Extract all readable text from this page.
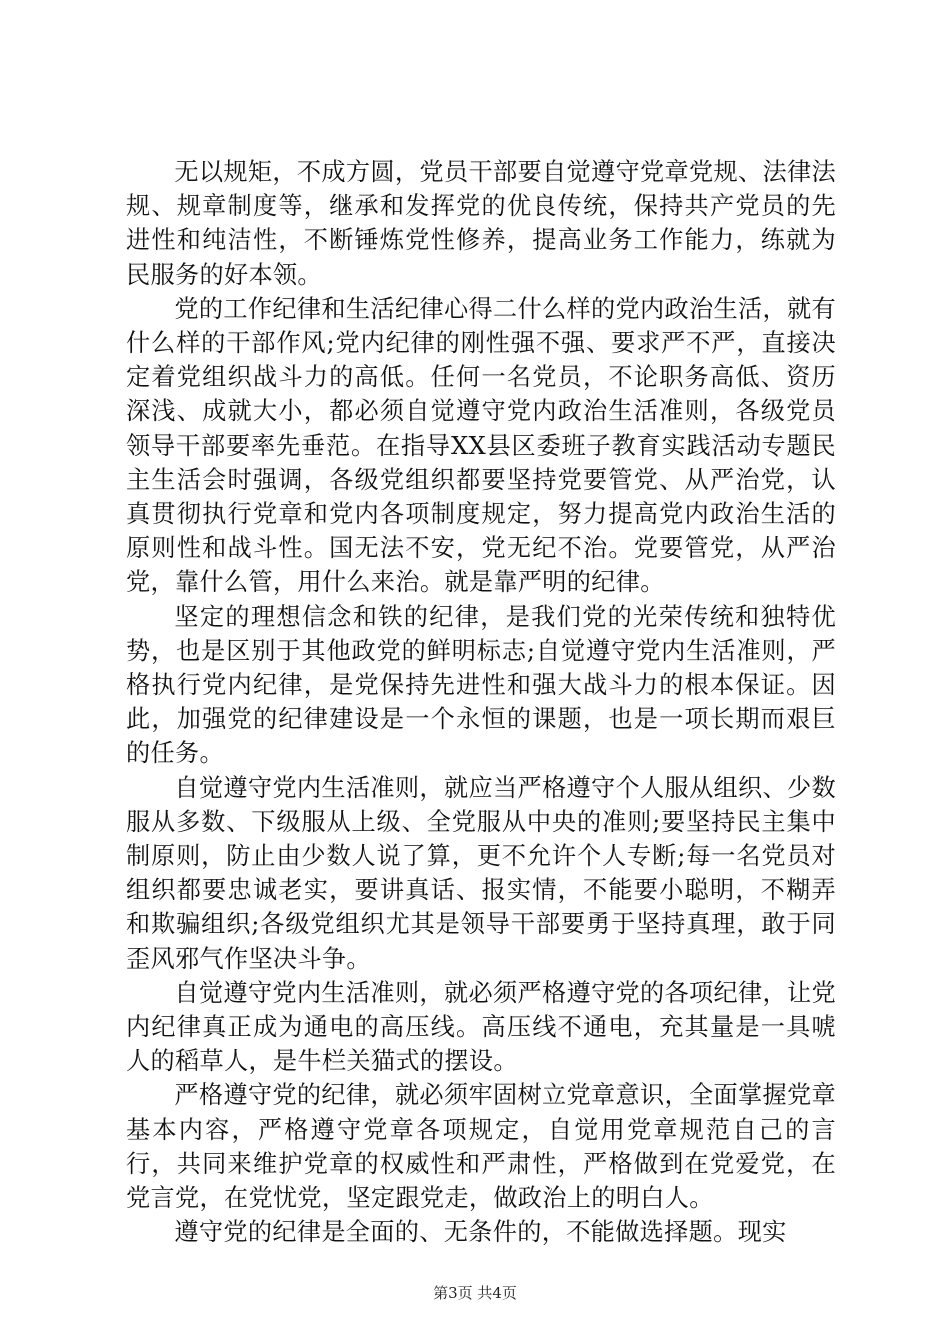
无以规矩，不成方圆，党员干部要自觉遵守党章党规、法律法规、规章制度等，继承和发挥党的优良传统，保持共产党员的先进性和纯洁性，不断锤炼党性修养，提高业务工作能力，练就为民服务的好本领。

党的工作纪律和生活纪律心得二什么样的党内政治生活，就有什么样的干部作风;党内纪律的刚性强不强、要求严不严，直接决定着党组织战斗力的高低。任何一名党员，不论职务高低、资历深浅、成就大小，都必须自觉遵守党内政治生活准则，各级党员领导干部要率先垂范。在指导XX县区委班子教育实践活动专题民主生活会时强调，各级党组织都要坚持党要管党、从严治党，认真贯彻执行党章和党内各项制度规定，努力提高党内政治生活的原则性和战斗性。国无法不安，党无纪不治。党要管党，从严治党，靠什么管，用什么来治。就是靠严明的纪律。

坚定的理想信念和铁的纪律，是我们党的光荣传统和独特优势，也是区别于其他政党的鲜明标志;自觉遵守党内生活准则，严格执行党内纪律，是党保持先进性和强大战斗力的根本保证。因此，加强党的纪律建设是一个永恒的课题，也是一项长期而艰巨的任务。

自觉遵守党内生活准则，就应当严格遵守个人服从组织、少数服从多数、下级服从上级、全党服从中央的准则;要坚持民主集中制原则，防止由少数人说了算，更不允许个人专断;每一名党员对组织都要忠诚老实，要讲真话、报实情，不能要小聪明，不糊弄和欺骗组织;各级党组织尤其是领导干部要勇于坚持真理，敢于同歪风邪气作坚决斗争。

自觉遵守党内生活准则，就必须严格遵守党的各项纪律，让党内纪律真正成为通电的高压线。高压线不通电，充其量是一具唬人的稻草人，是牛栏关猫式的摆设。

严格遵守党的纪律，就必须牢固树立党章意识，全面掌握党章基本内容，严格遵守党章各项规定，自觉用党章规范自己的言行，共同来维护党章的权威性和严肃性，严格做到在党爱党，在党言党，在党忧党，坚定跟党走，做政治上的明白人。

遵守党的纪律是全面的、无条件的，不能做选择题。现实

第3页 共4页
